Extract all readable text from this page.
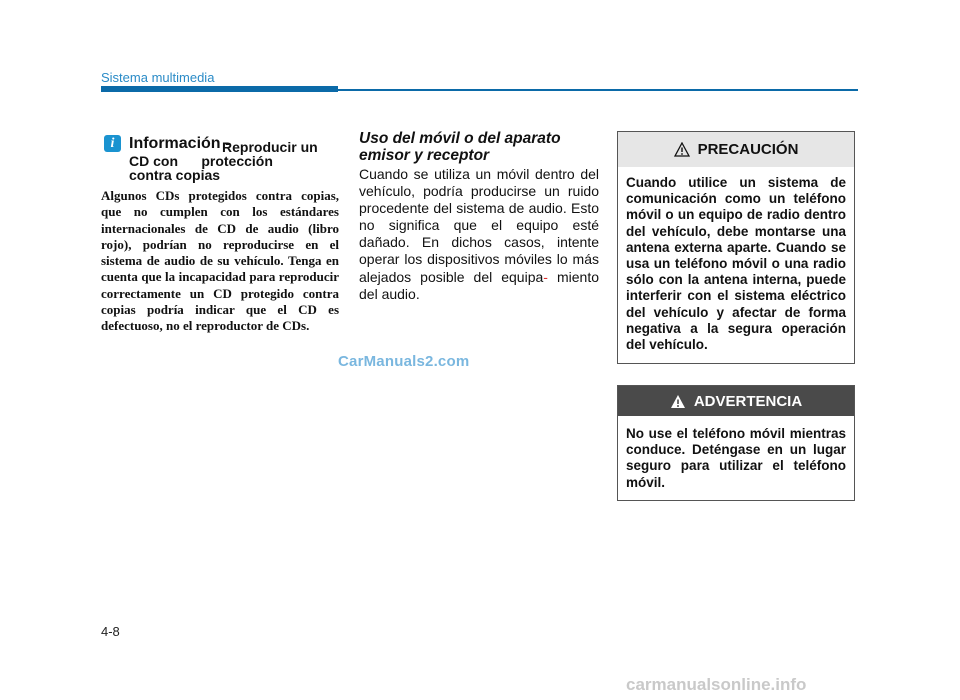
Sistema multimedia
i Información -
Reproducir un
CD con      protección
contra copias
Algunos CDs protegidos contra copias, que no cumplen con los estándares internacionales de CD de audio (libro rojo), podrían no reproducirse en el sistema de audio de su vehículo. Tenga en cuenta que la incapacidad para reproducir correctamente un CD protegido contra copias podría indicar que el CD es defectuoso, no el reproductor de CDs.
Uso del móvil o del aparato emisor y receptor
Cuando se utiliza un móvil dentro del vehículo, podría producirse un ruido procedente del sistema de audio. Esto no significa que el equipo esté dañado. En dichos casos, intente operar los dispositivos móviles lo más alejados posible del equipa- miento del audio.
CarManuals2.com
PRECAUCIÓN
Cuando utilice un sistema de comunicación como un teléfono móvil o un equipo de radio dentro del vehículo, debe montarse una antena externa aparte. Cuando se usa un teléfono móvil o una radio sólo con la antena interna, puede interferir con el sistema eléctrico del vehículo y afectar de forma negativa a la segura operación del vehículo.
ADVERTENCIA
No use el teléfono móvil mientras conduce. Deténgase en un lugar seguro para utilizar el teléfono móvil.
4-8
carmanualsonline.info
